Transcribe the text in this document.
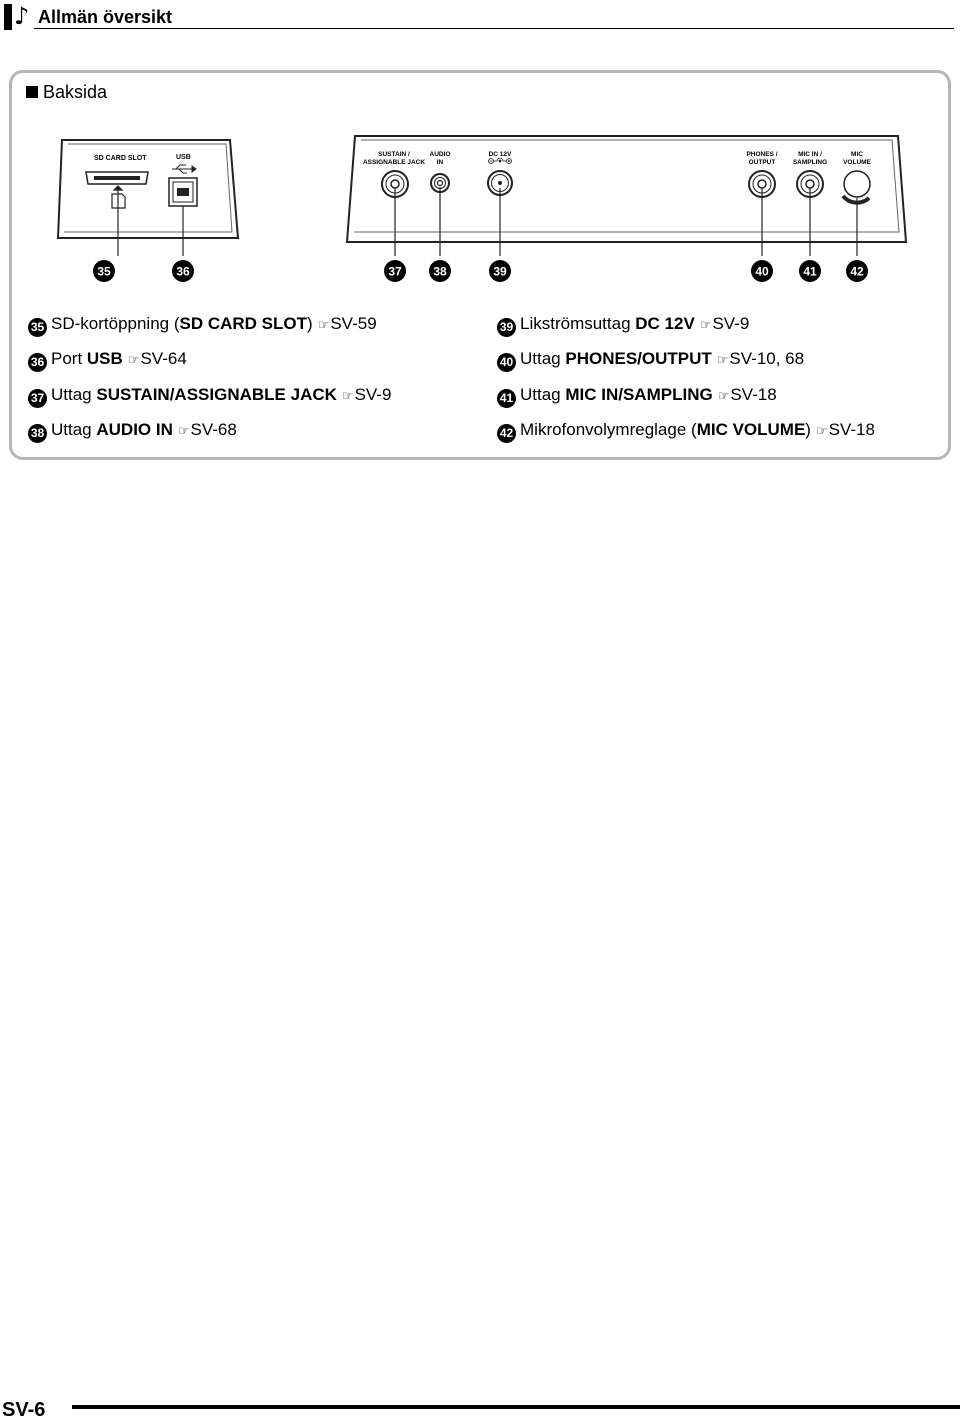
♪ Allmän översikt
Baksida
SD CARD SLOT	USB	SUSTAIN /
ASSIGNABLE JACK
AUDIO
IN
DC 12V	PHONES /
OUTPUT
MIC IN /
SAMPLING
MIC
VOLUME
35	36	37	38	39	40	41	42
35 SD-kortöppning (SD CARD SLOT) ☞SV-59
36 Port USB ☞SV-64
37 Uttag SUSTAIN/ASSIGNABLE JACK ☞SV-9
38 Uttag AUDIO IN ☞SV-68
39 Likströmsuttag DC 12V ☞SV-9
40 Uttag PHONES/OUTPUT ☞SV-10, 68
41 Uttag MIC IN/SAMPLING ☞SV-18
42 Mikrofonvolymreglage (MIC VOLUME) ☞SV-18
SV-6
